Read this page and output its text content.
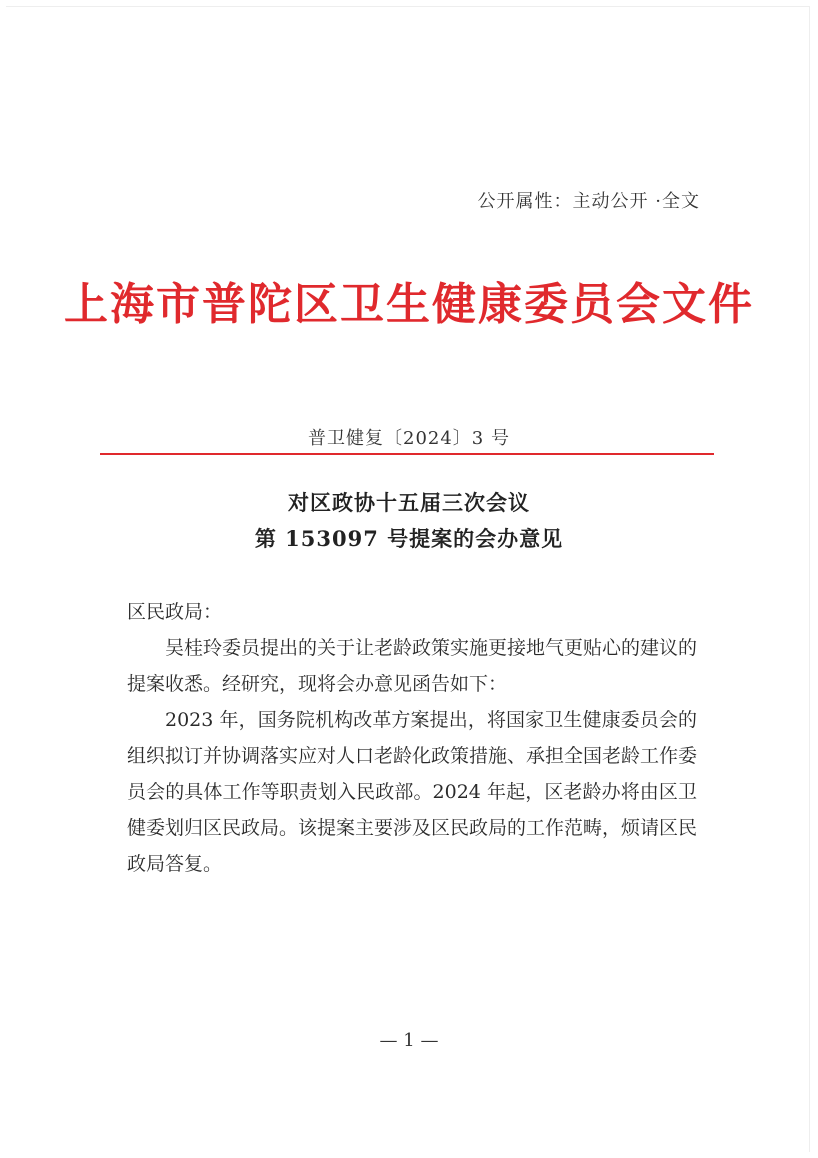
公开属性：主动公开 ·全文
上海市普陀区卫生健康委员会文件
普卫健复〔2024〕3 号
对区政协十五届三次会议
第 153097 号提案的会办意见

区民政局：

吴桂玲委员提出的关于让老龄政策实施更接地气更贴心的建议的提案收悉。经研究，现将会办意见函告如下：

2023 年，国务院机构改革方案提出，将国家卫生健康委员会的组织拟订并协调落实应对人口老龄化政策措施、承担全国老龄工作委员会的具体工作等职责划入民政部。2024 年起，区老龄办将由区卫健委划归区民政局。该提案主要涉及区民政局的工作范畴，烦请区民政局答复。

— 1 —
